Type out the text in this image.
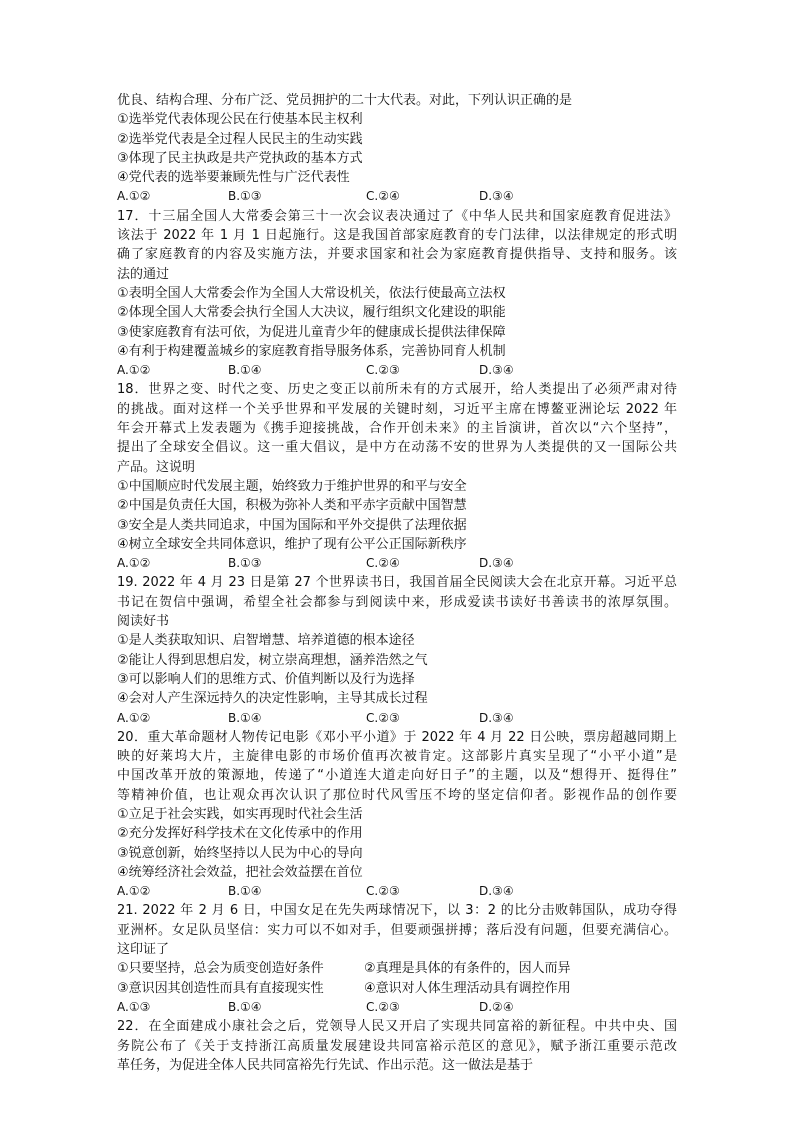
优良、结构合理、分布广泛、党员拥护的二十大代表。对此，下列认识正确的是
①选举党代表体现公民在行使基本民主权利
②选举党代表是全过程人民民主的生动实践
③体现了民主执政是共产党执政的基本方式
④党代表的选举要兼顾先性与广泛代表性
A.①②	B.①③	C.②④	D.③④
17．十三届全国人大常委会第三十一次会议表决通过了《中华人民共和国家庭教育促进法》
该法于 2022 年 1 月 1 日起施行。这是我国首部家庭教育的专门法律，以法律规定的形式明
确了家庭教育的内容及实施方法，并要求国家和社会为家庭教育提供指导、支持和服务。该
法的通过
①表明全国人大常委会作为全国人大常设机关，依法行使最高立法权
②体现全国人大常委会执行全国人大决议，履行组织文化建设的职能
③使家庭教育有法可依，为促进儿童青少年的健康成长提供法律保障
④有利于构建覆盖城乡的家庭教育指导服务体系，完善协同育人机制
A.①②	B.①④	C.②③	D.③④
18．世界之变、时代之变、历史之变正以前所未有的方式展开，给人类提出了必须严肃对待
的挑战。面对这样一个关乎世界和平发展的关键时刻，习近平主席在博鳌亚洲论坛 2022 年
年会开幕式上发表题为《携手迎接挑战，合作开创未来》的主旨演讲，首次以“六个坚持”，
提出了全球安全倡议。这一重大倡议，是中方在动荡不安的世界为人类提供的又一国际公共
产品。这说明
①中国顺应时代发展主题，始终致力于维护世界的和平与安全
②中国是负责任大国，积极为弥补人类和平赤字贡献中国智慧
③安全是人类共同追求，中国为国际和平外交提供了法理依据
④树立全球安全共同体意识，维护了现有公平公正国际新秩序
A.①②	B.①③	C.②④	D.③④
19. 2022 年 4 月 23 日是第 27 个世界读书日，我国首届全民阅读大会在北京开幕。习近平总
书记在贺信中强调，希望全社会都参与到阅读中来，形成爱读书读好书善读书的浓厚氛围。
阅读好书
①是人类获取知识、启智增慧、培养道德的根本途径
②能让人得到思想启发，树立崇高理想，涵养浩然之气
③可以影响人们的思维方式、价值判断以及行为选择
④会对人产生深远持久的决定性影响，主导其成长过程
A.①②	B.①④	C.②③	D.③④
20．重大革命题材人物传记电影《邓小平小道》于 2022 年 4 月 22 日公映，票房超越同期上
映的好莱坞大片，主旋律电影的市场价值再次被肯定。这部影片真实呈现了“小平小道”是
中国改革开放的策源地，传递了“小道连大道走向好日子”的主题，以及“想得开、挺得住”
等精神价值，也让观众再次认识了那位时代风雪压不垮的坚定信仰者。影视作品的创作要
①立足于社会实践，如实再现时代社会生活
②充分发挥好科学技术在文化传承中的作用
③锐意创新，始终坚持以人民为中心的导向
④统筹经济社会效益，把社会效益摆在首位
A.①②	B.①④	C.②③	D.③④
21. 2022 年 2 月 6 日，中国女足在先失两球情况下，以 3：2 的比分击败韩国队，成功夺得
亚洲杯。女足队员坚信：实力可以不如对手，但要顽强拼搏；落后没有问题，但要充满信心。
这印证了
①只要坚持，总会为质变创造好条件	②真理是具体的有条件的，因人而异
③意识因其创造性而具有直接现实性	④意识对人体生理活动具有调控作用
A.①③	B.①④	C.②③	D.②④
22．在全面建成小康社会之后，党领导人民又开启了实现共同富裕的新征程。中共中央、国
务院公布了《关于支持浙江高质量发展建设共同富裕示范区的意见》，赋予浙江重要示范改
革任务，为促进全体人民共同富裕先行先试、作出示范。这一做法是基于
